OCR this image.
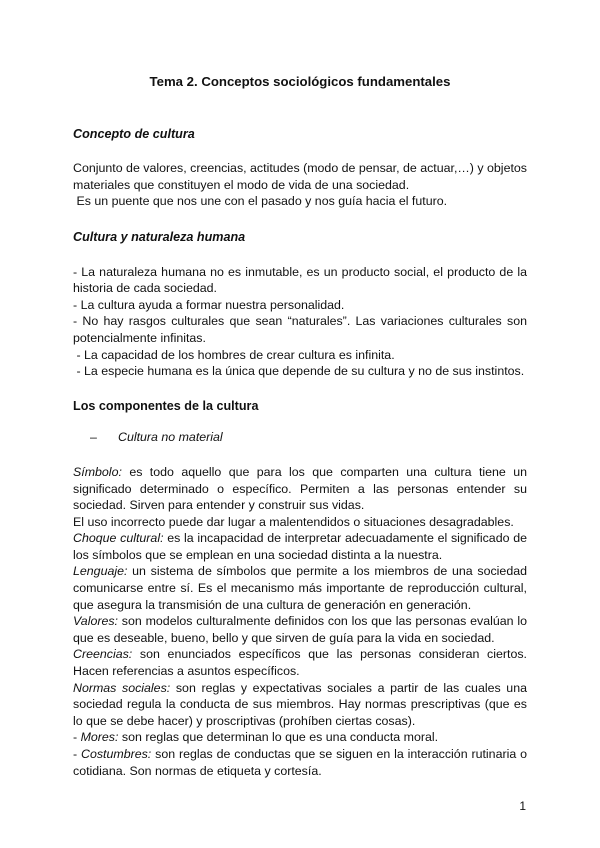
Tema 2. Conceptos sociológicos fundamentales
Concepto de cultura

Conjunto de valores, creencias, actitudes (modo de pensar, de actuar,…) y objetos materiales que constituyen el modo de vida de una sociedad.

Es un puente que nos une con el pasado y nos guía hacia el futuro.

Cultura y naturaleza humana

- La naturaleza humana no es inmutable, es un producto social, el producto de la historia de cada sociedad.

- La cultura ayuda a formar nuestra personalidad.

- No hay rasgos culturales que sean “naturales”. Las variaciones culturales son potencialmente infinitas.

- La capacidad de los hombres de crear cultura es infinita.

- La especie humana es la única que depende de su cultura y no de sus instintos.

Los componentes de la cultura
– Cultura no material

Símbolo: es todo aquello que para los que comparten una cultura tiene un significado determinado o específico. Permiten a las personas entender su sociedad. Sirven para entender y construir sus vidas.

El uso incorrecto puede dar lugar a malentendidos o situaciones desagradables.

Choque cultural: es la incapacidad de interpretar adecuadamente el significado de los símbolos que se emplean en una sociedad distinta a la nuestra.

Lenguaje: un sistema de símbolos que permite a los miembros de una sociedad comunicarse entre sí. Es el mecanismo más importante de reproducción cultural, que asegura la transmisión de una cultura de generación en generación.

Valores: son modelos culturalmente definidos con los que las personas evalúan lo que es deseable, bueno, bello y que sirven de guía para la vida en sociedad.

Creencias: son enunciados específicos que las personas consideran ciertos. Hacen referencias a asuntos específicos.

Normas sociales: son reglas y expectativas sociales a partir de las cuales una sociedad regula la conducta de sus miembros. Hay normas prescriptivas (que es lo que se debe hacer) y proscriptivas (prohíben ciertas cosas).

- Mores: son reglas que determinan lo que es una conducta moral.

- Costumbres: son reglas de conductas que se siguen en la interacción rutinaria o cotidiana. Son normas de etiqueta y cortesía.

1
